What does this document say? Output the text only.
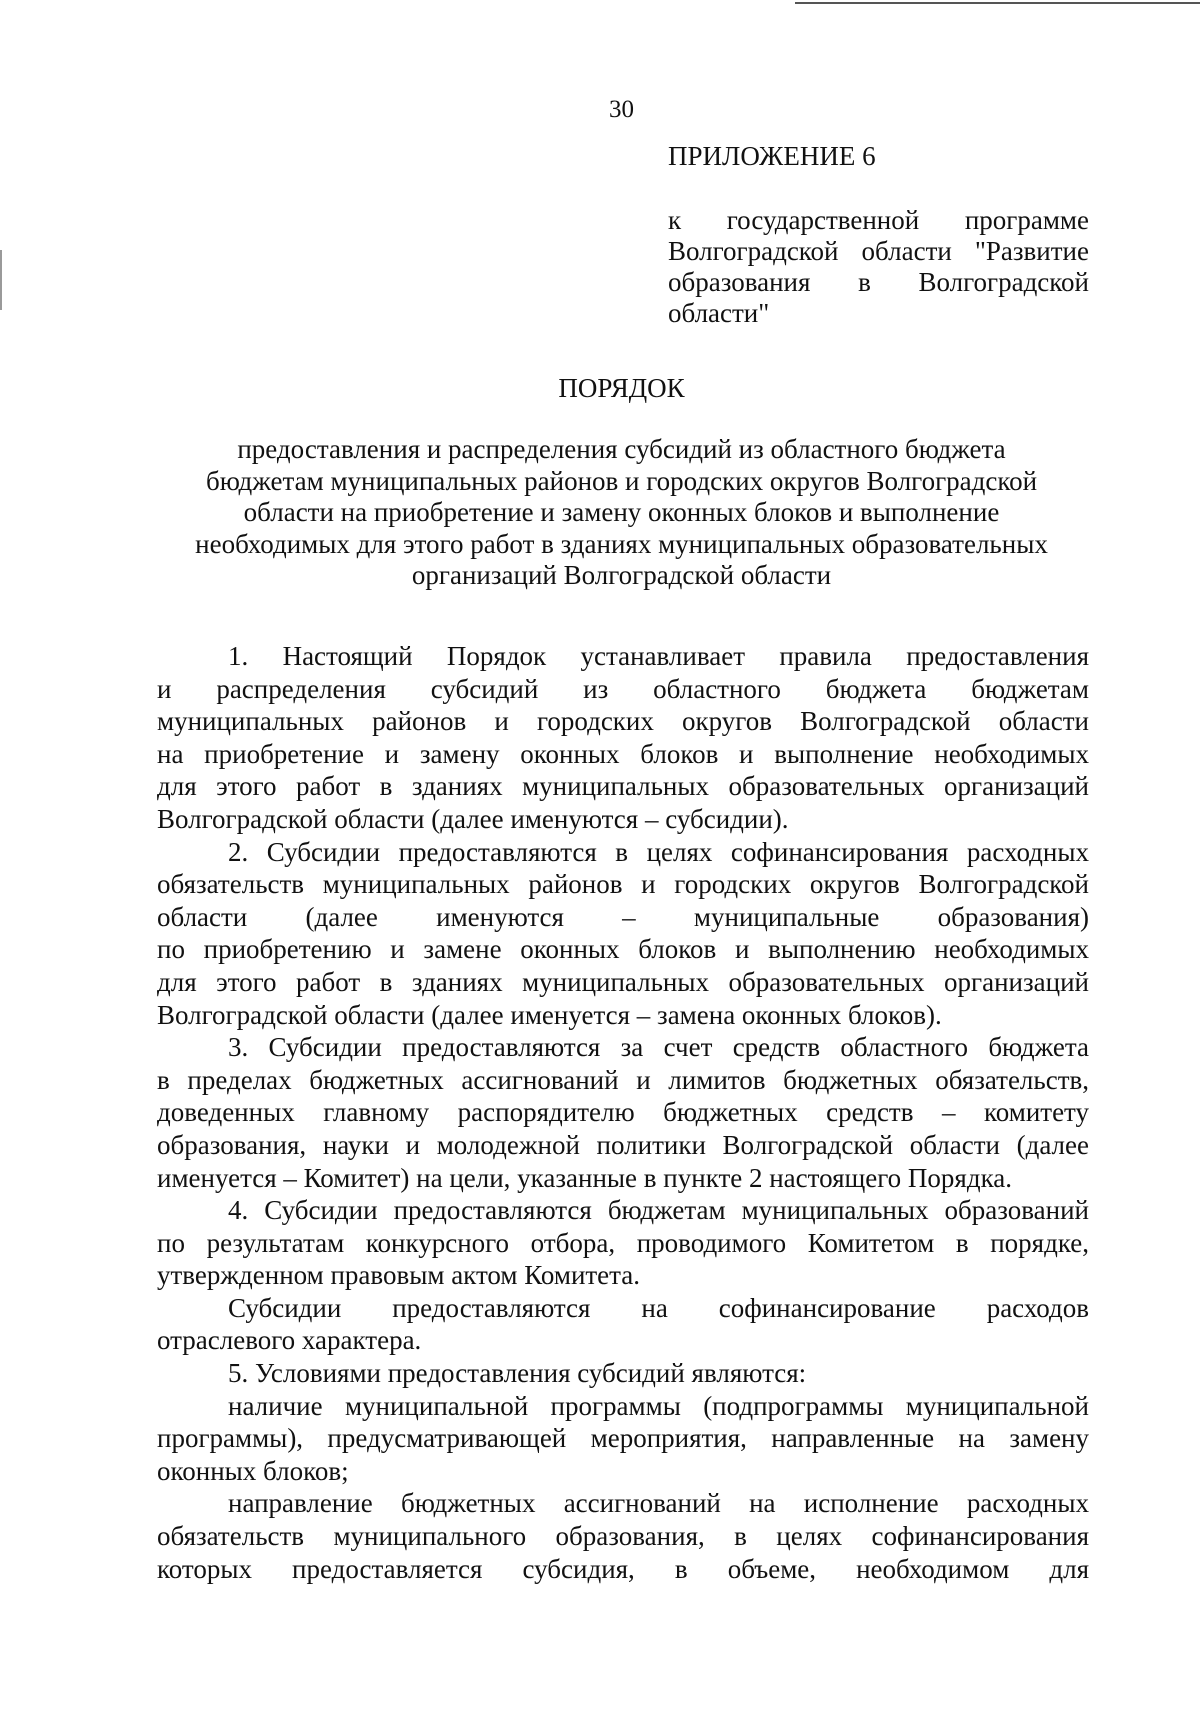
30
ПРИЛОЖЕНИЕ 6
к государственной программе
Волгоградской области "Развитие
образования в Волгоградской
области"
ПОРЯДОК
предоставления и распределения субсидий из областного бюджета
бюджетам муниципальных районов и городских округов Волгоградской
области на приобретение и замену оконных блоков и выполнение
необходимых для этого работ в зданиях муниципальных образовательных
организаций Волгоградской области
1. Настоящий Порядок устанавливает правила предоставления
и распределения субсидий из областного бюджета бюджетам
муниципальных районов и городских округов Волгоградской области
на приобретение и замену оконных блоков и выполнение необходимых
для этого работ в зданиях муниципальных образовательных организаций
Волгоградской области (далее именуются – субсидии).
2. Субсидии предоставляются в целях софинансирования расходных
обязательств муниципальных районов и городских округов Волгоградской
области (далее именуются – муниципальные образования)
по приобретению и замене оконных блоков и выполнению необходимых
для этого работ в зданиях муниципальных образовательных организаций
Волгоградской области (далее именуется – замена оконных блоков).
3. Субсидии предоставляются за счет средств областного бюджета
в пределах бюджетных ассигнований и лимитов бюджетных обязательств,
доведенных главному распорядителю бюджетных средств – комитету
образования, науки и молодежной политики Волгоградской области (далее
именуется – Комитет) на цели, указанные в пункте 2 настоящего Порядка.
4. Субсидии предоставляются бюджетам муниципальных образований
по результатам конкурсного отбора, проводимого Комитетом в порядке,
утвержденном правовым актом Комитета.
Субсидии предоставляются на софинансирование расходов
отраслевого характера.
5. Условиями предоставления субсидий являются:
наличие муниципальной программы (подпрограммы муниципальной
программы), предусматривающей мероприятия, направленные на замену
оконных блоков;
направление бюджетных ассигнований на исполнение расходных
обязательств муниципального образования, в целях софинансирования
которых предоставляется субсидия, в объеме, необходимом для
